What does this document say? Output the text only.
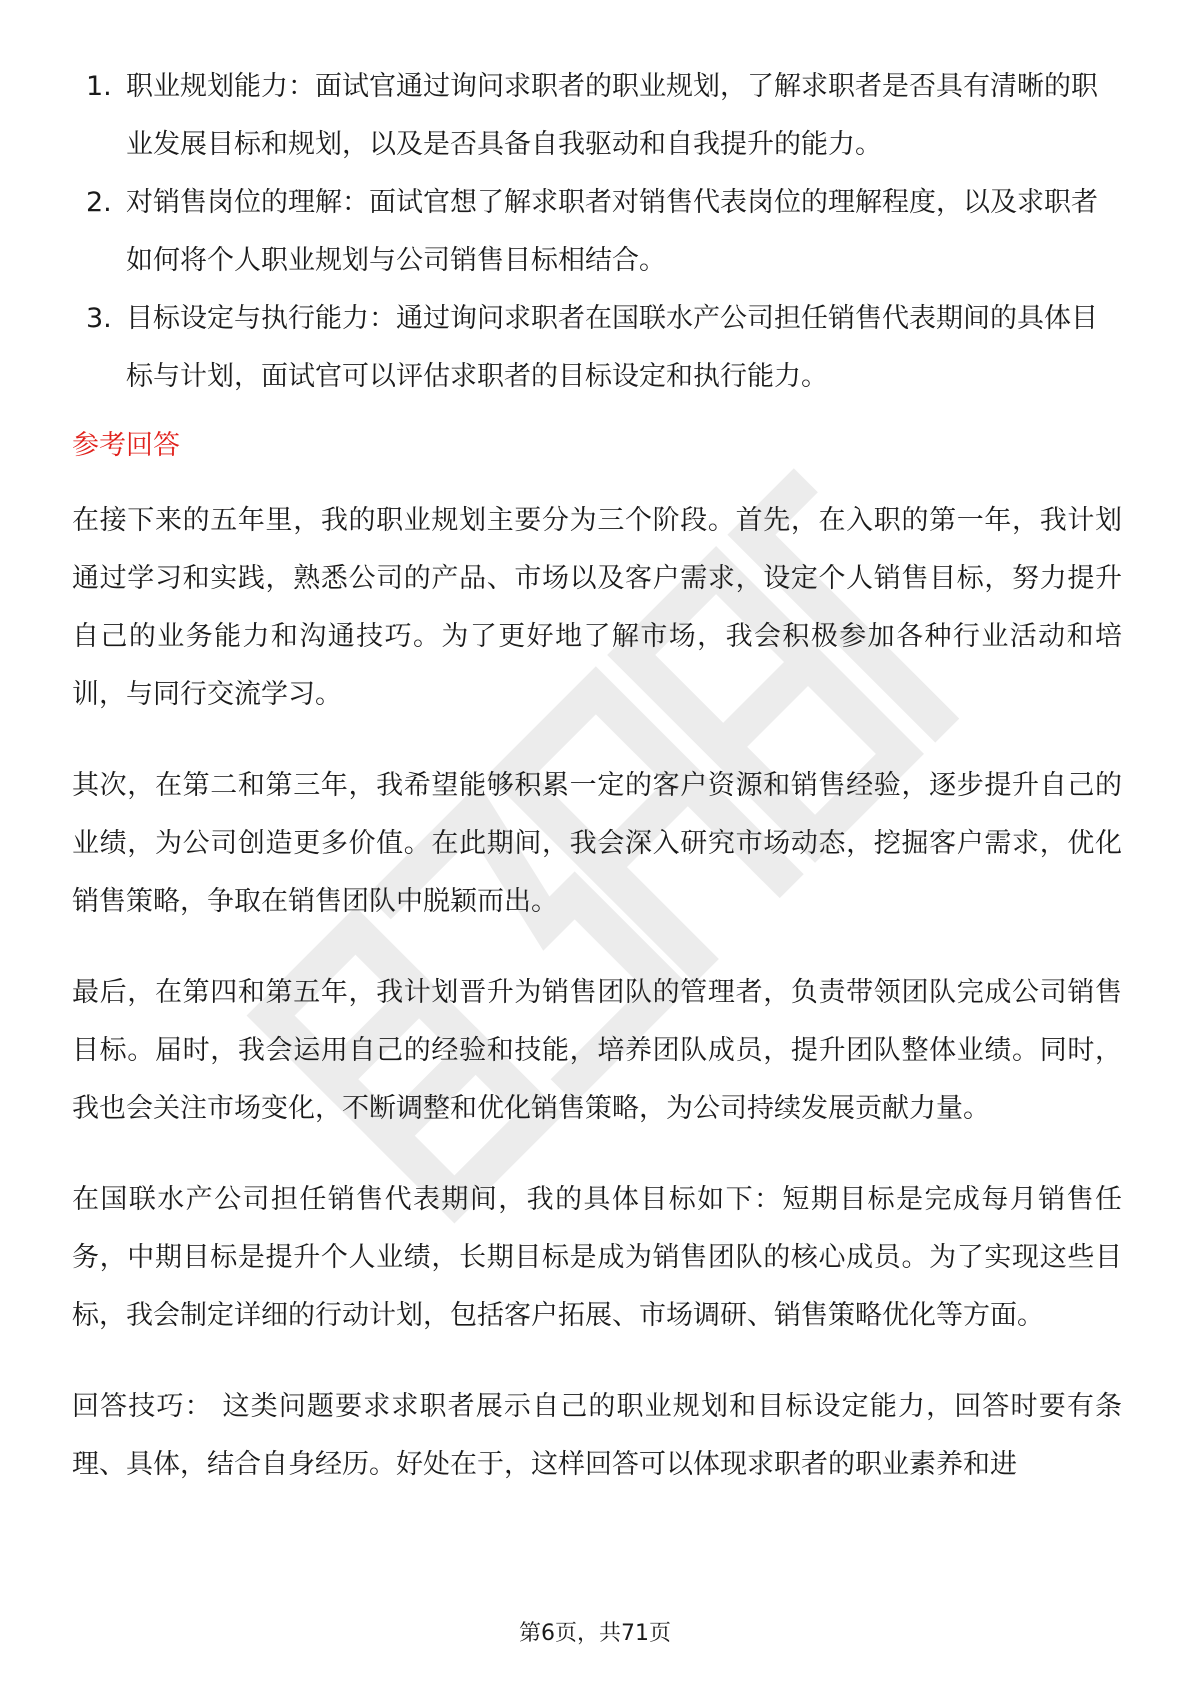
1. 职业规划能力：面试官通过询问求职者的职业规划，了解求职者是否具有清晰的职业发展目标和规划，以及是否具备自我驱动和自我提升的能力。
2. 对销售岗位的理解：面试官想了解求职者对销售代表岗位的理解程度，以及求职者如何将个人职业规划与公司销售目标相结合。
3. 目标设定与执行能力：通过询问求职者在国联水产公司担任销售代表期间的具体目标与计划，面试官可以评估求职者的目标设定和执行能力。
参考回答

在接下来的五年里，我的职业规划主要分为三个阶段。首先，在入职的第一年，我计划通过学习和实践，熟悉公司的产品、市场以及客户需求，设定个人销售目标，努力提升自己的业务能力和沟通技巧。为了更好地了解市场，我会积极参加各种行业活动和培训，与同行交流学习。

其次，在第二和第三年，我希望能够积累一定的客户资源和销售经验，逐步提升自己的业绩，为公司创造更多价值。在此期间，我会深入研究市场动态，挖掘客户需求，优化销售策略，争取在销售团队中脱颖而出。

最后，在第四和第五年，我计划晋升为销售团队的管理者，负责带领团队完成公司销售目标。届时，我会运用自己的经验和技能，培养团队成员，提升团队整体业绩。同时，我也会关注市场变化，不断调整和优化销售策略，为公司持续发展贡献力量。

在国联水产公司担任销售代表期间，我的具体目标如下：短期目标是完成每月销售任务，中期目标是提升个人业绩，长期目标是成为销售团队的核心成员。为了实现这些目标，我会制定详细的行动计划，包括客户拓展、市场调研、销售策略优化等方面。

回答技巧： 这类问题要求求职者展示自己的职业规划和目标设定能力，回答时要有条理、具体，结合自身经历。好处在于，这样回答可以体现求职者的职业素养和进

第6页，共71页
